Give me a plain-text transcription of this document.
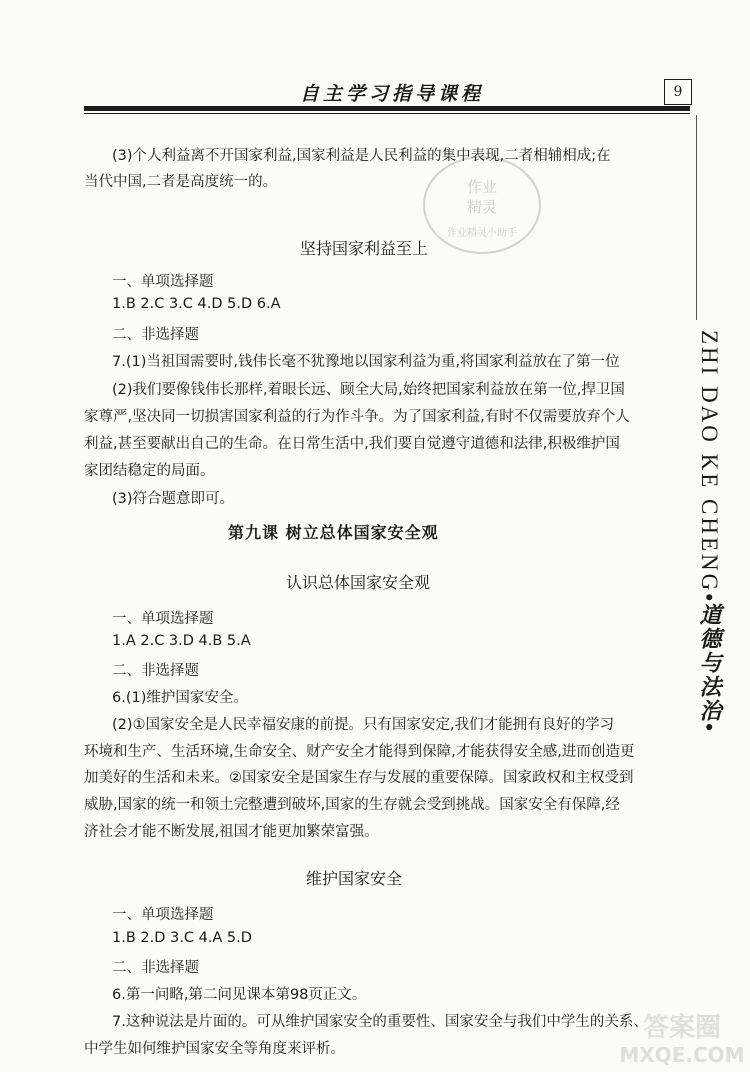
自主学习指导课程	9
ZHI DAO KE CHENG•道德与法治•
作业
精灵
作业精灵小助手
(3)个人利益离不开国家利益,国家利益是人民利益的集中表现,二者相辅相成;在
当代中国,二者是高度统一的。
坚持国家利益至上
一、单项选择题
1.B 2.C 3.C 4.D 5.D 6.A
二、非选择题
7.(1)当祖国需要时,钱伟长毫不犹豫地以国家利益为重,将国家利益放在了第一位
(2)我们要像钱伟长那样,着眼长远、顾全大局,始终把国家利益放在第一位,捍卫国
家尊严,坚决同一切损害国家利益的行为作斗争。为了国家利益,有时不仅需要放弃个人
利益,甚至要献出自己的生命。在日常生活中,我们要自觉遵守道德和法律,积极维护国
家团结稳定的局面。
(3)符合题意即可。
第九课 树立总体国家安全观
认识总体国家安全观
一、单项选择题
1.A 2.C 3.D 4.B 5.A
二、非选择题
6.(1)维护国家安全。
(2)①国家安全是人民幸福安康的前提。只有国家安定,我们才能拥有良好的学习
环境和生产、生活环境,生命安全、财产安全才能得到保障,才能获得安全感,进而创造更
加美好的生活和未来。②国家安全是国家生存与发展的重要保障。国家政权和主权受到
威胁,国家的统一和领土完整遭到破坏,国家的生存就会受到挑战。国家安全有保障,经
济社会才能不断发展,祖国才能更加繁荣富强。
维护国家安全
一、单项选择题
1.B 2.D 3.C 4.A 5.D
二、非选择题
6.第一问略,第二问见课本第98页正文。
7.这种说法是片面的。可从维护国家安全的重要性、国家安全与我们中学生的关系、
中学生如何维护国家安全等角度来评析。
答案圈
MXQE.COM
